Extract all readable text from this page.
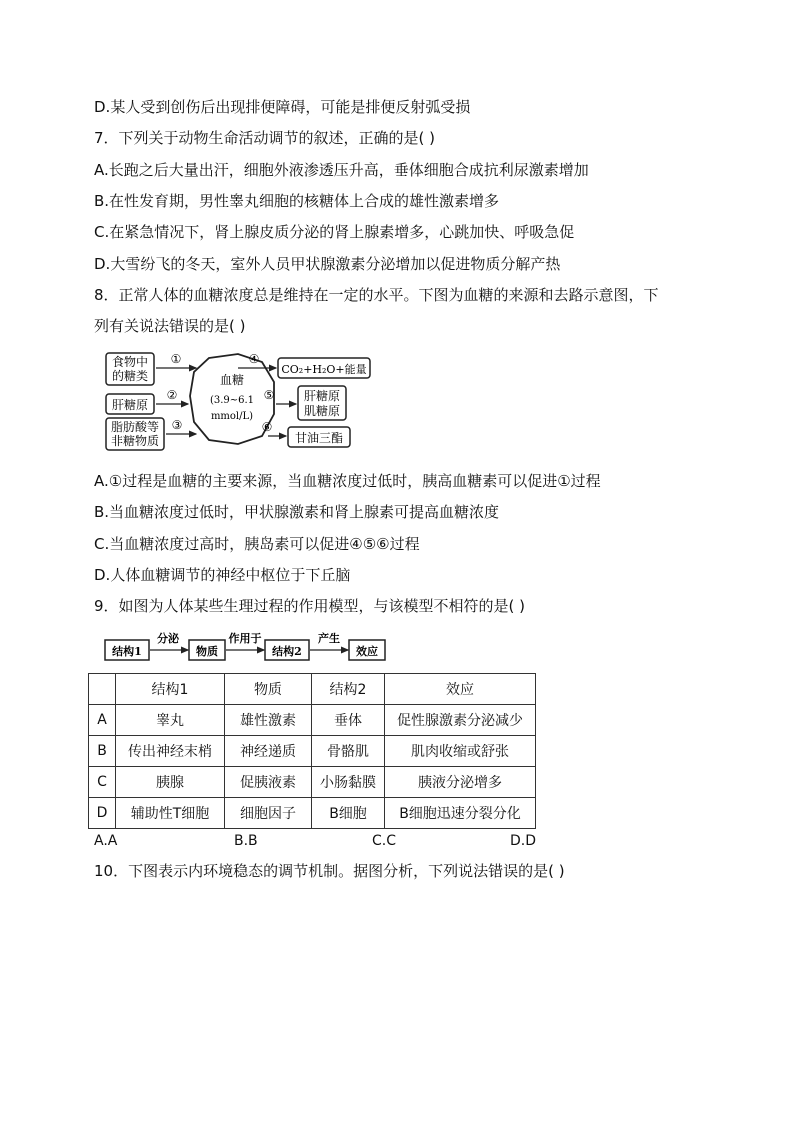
D.某人受到创伤后出现排便障碍，可能是排便反射弧受损
7．下列关于动物生命活动调节的叙述，正确的是( )
A.长跑之后大量出汗，细胞外液渗透压升高，垂体细胞合成抗利尿激素增加
B.在性发育期，男性睾丸细胞的核糖体上合成的雄性激素增多
C.在紧急情况下，肾上腺皮质分泌的肾上腺素增多，心跳加快、呼吸急促
D.大雪纷飞的冬天，室外人员甲状腺激素分泌增加以促进物质分解产热
8．正常人体的血糖浓度总是维持在一定的水平。下图为血糖的来源和去路示意图，下
列有关说法错误的是( )
食物中
的糖类
肝糖原
脂肪酸等
非糖物质
①
②
③
血糖
(3.9~6.1
mmol/L)
④
⑤
⑥
CO₂+H₂O+能量
肝糖原
肌糖原
甘油三酯
A.①过程是血糖的主要来源，当血糖浓度过低时，胰高血糖素可以促进①过程
B.当血糖浓度过低时，甲状腺激素和肾上腺素可提高血糖浓度
C.当血糖浓度过高时，胰岛素可以促进④⑤⑥过程
D.人体血糖调节的神经中枢位于下丘脑
9．如图为人体某些生理过程的作用模型，与该模型不相符的是( )
结构1
分泌
物质
作用于
结构2
产生
效应
	结构1	物质	结构2	效应
A	睾丸	雄性激素	垂体	促性腺激素分泌减少
B	传出神经末梢	神经递质	骨骼肌	肌肉收缩或舒张
C	胰腺	促胰液素	小肠黏膜	胰液分泌增多
D	辅助性T细胞	细胞因子	B细胞	B细胞迅速分裂分化
A.A	B.B	C.C	D.D
10．下图表示内环境稳态的调节机制。据图分析，下列说法错误的是( )
